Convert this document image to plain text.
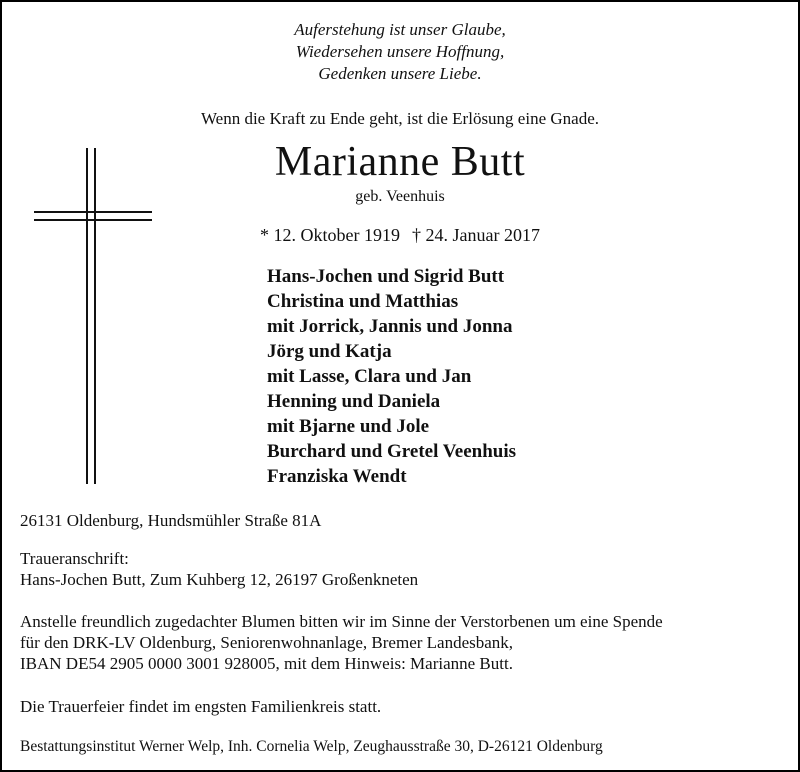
Auferstehung ist unser Glaube,
Wiedersehen unsere Hoffnung,
Gedenken unsere Liebe.

Wenn die Kraft zu Ende geht, ist die Erlösung eine Gnade.

Marianne Butt

geb. Veenhuis

* 12. Oktober 1919 † 24. Januar 2017

Hans-Jochen und Sigrid Butt
Christina und Matthias
mit Jorrick, Jannis und Jonna
Jörg und Katja
mit Lasse, Clara und Jan
Henning und Daniela
mit Bjarne und Jole
Burchard und Gretel Veenhuis
Franziska Wendt

26131 Oldenburg, Hundsmühler Straße 81A

Traueranschrift:
Hans-Jochen Butt, Zum Kuhberg 12, 26197 Großenkneten

Anstelle freundlich zugedachter Blumen bitten wir im Sinne der Verstorbenen um eine Spende
für den DRK-LV Oldenburg, Seniorenwohnanlage, Bremer Landesbank,
IBAN DE54 2905 0000 3001 928005, mit dem Hinweis: Marianne Butt.

Die Trauerfeier findet im engsten Familienkreis statt.

Bestattungsinstitut Werner Welp, Inh. Cornelia Welp, Zeughausstraße 30, D-26121 Oldenburg
